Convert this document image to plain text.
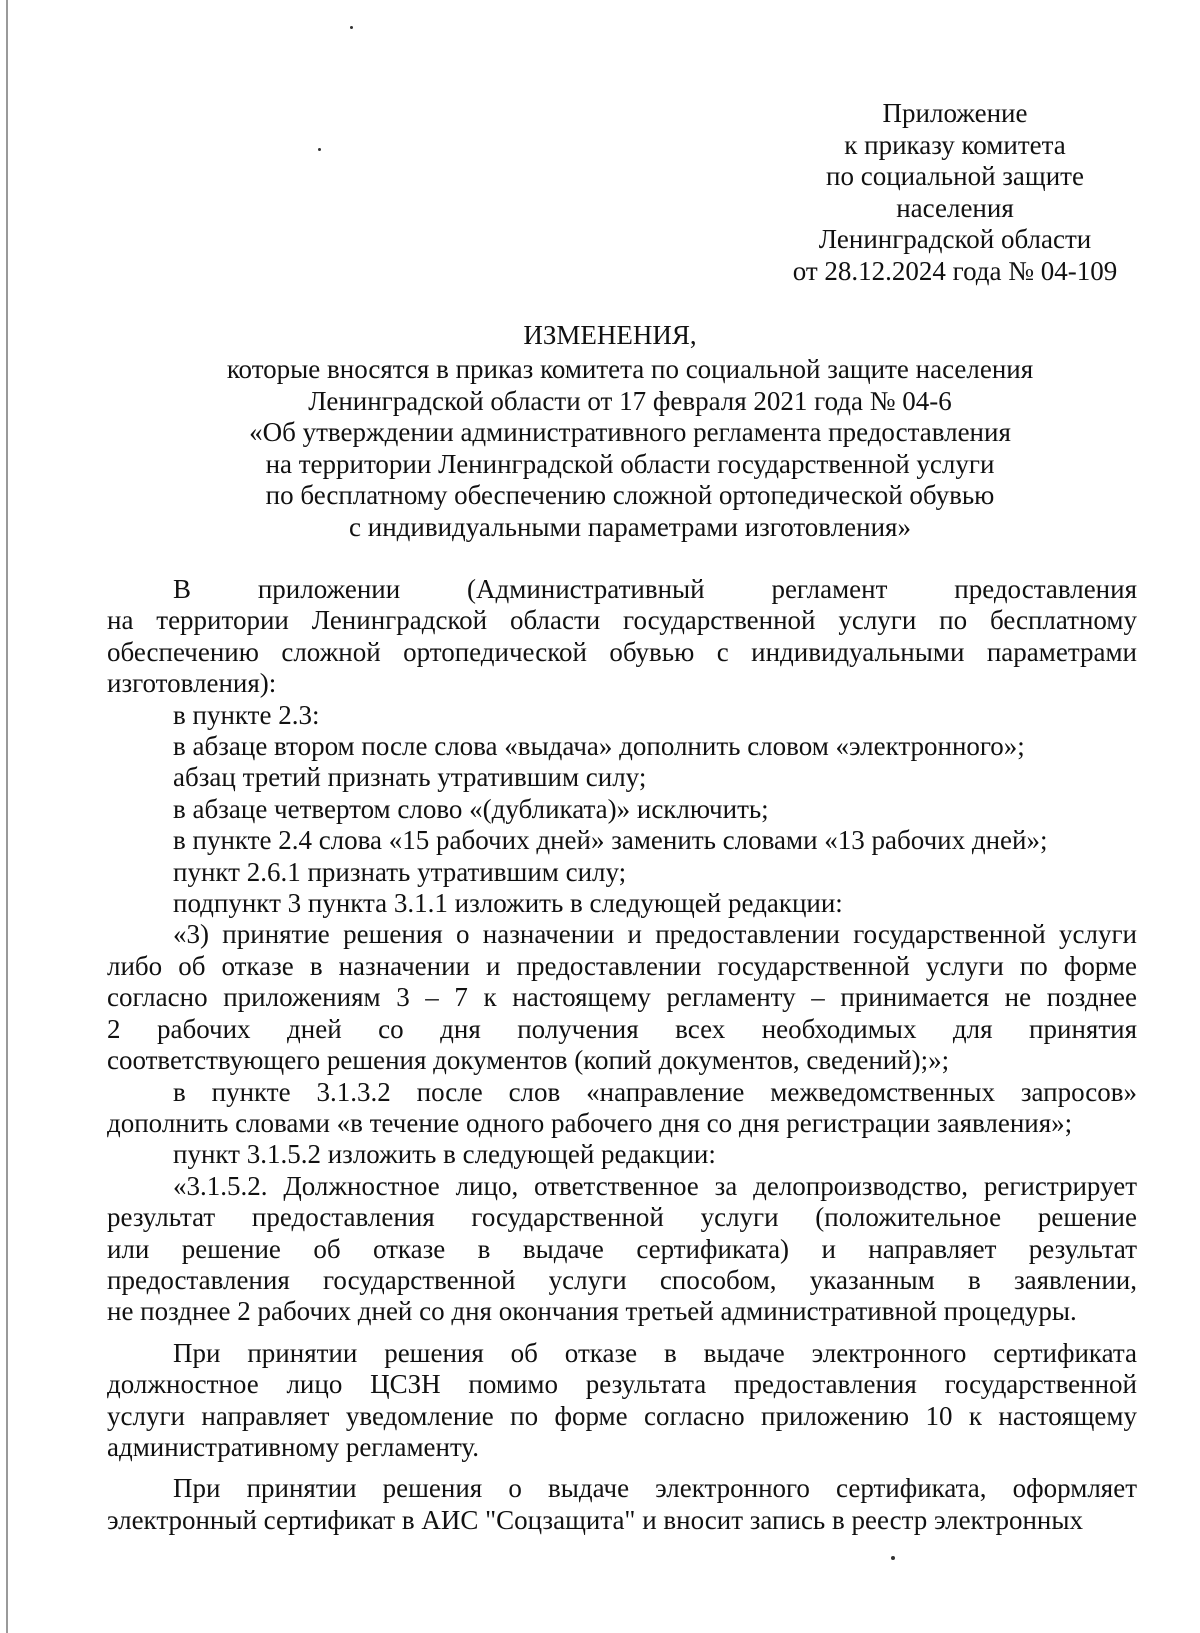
Приложение
к приказу комитета
по социальной защите
населения
Ленинградской области
от 28.12.2024 года № 04-109
ИЗМЕНЕНИЯ,
которые вносятся в приказ комитета по социальной защите населения
Ленинградской области от 17 февраля 2021 года № 04-6
«Об утверждении административного регламента предоставления
на территории Ленинградской области государственной услуги
по бесплатному обеспечению сложной ортопедической обувью
с индивидуальными параметрами изготовления»
В приложении (Административный регламент предоставления
на территории Ленинградской области государственной услуги по бесплатному
обеспечению сложной ортопедической обувью с индивидуальными параметрами
изготовления):
в пункте 2.3:
в абзаце втором после слова «выдача» дополнить словом «электронного»;
абзац третий признать утратившим силу;
в абзаце четвертом слово «(дубликата)» исключить;
в пункте 2.4 слова «15 рабочих дней» заменить словами «13 рабочих дней»;
пункт 2.6.1 признать утратившим силу;
подпункт 3 пункта 3.1.1 изложить в следующей редакции:
«3) принятие решения о назначении и предоставлении государственной услуги
либо об отказе в назначении и предоставлении государственной услуги по форме
согласно приложениям 3 – 7 к настоящему регламенту – принимается не позднее
2 рабочих дней со дня получения всех необходимых для принятия
соответствующего решения документов (копий документов, сведений);»;
в пункте 3.1.3.2 после слов «направление межведомственных запросов»
дополнить словами «в течение одного рабочего дня со дня регистрации заявления»;
пункт 3.1.5.2 изложить в следующей редакции:
«3.1.5.2. Должностное лицо, ответственное за делопроизводство, регистрирует
результат предоставления государственной услуги (положительное решение
или решение об отказе в выдаче сертификата) и направляет результат
предоставления государственной услуги способом, указанным в заявлении,
не позднее 2 рабочих дней со дня окончания третьей административной процедуры.
При принятии решения об отказе в выдаче электронного сертификата
должностное лицо ЦСЗН помимо результата предоставления государственной
услуги направляет уведомление по форме согласно приложению 10 к настоящему
административному регламенту.
При принятии решения о выдаче электронного сертификата, оформляет
электронный сертификат в АИС "Соцзащита" и вносит запись в реестр электронных
